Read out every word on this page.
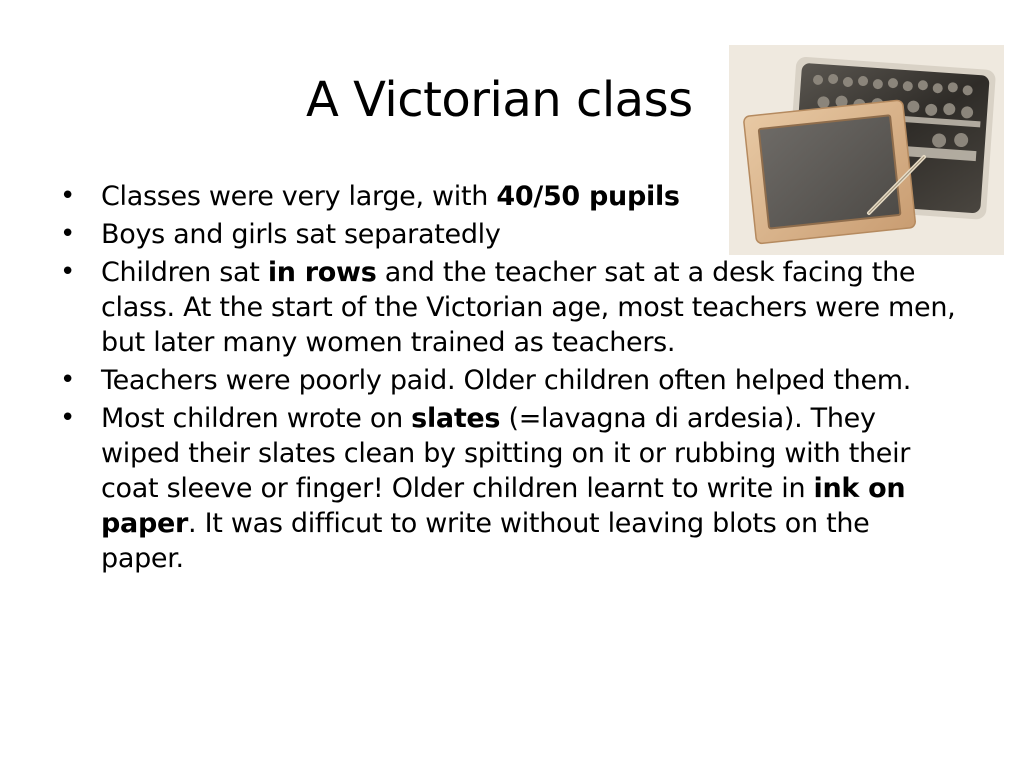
A Victorian class
• Classes were very large, with 40/50 pupils
• Boys and girls sat separatedly
• Children sat in rows and the teacher sat at a desk facing the class. At the start of the Victorian age, most teachers were men, but later many women trained as teachers.
• Teachers were poorly paid. Older children often helped them.
• Most children wrote on slates (=lavagna di ardesia). They wiped their slates clean by spitting on it or rubbing with their coat sleeve or finger! Older children learnt to write in ink on paper. It was difficut to write without leaving blots on the paper.
